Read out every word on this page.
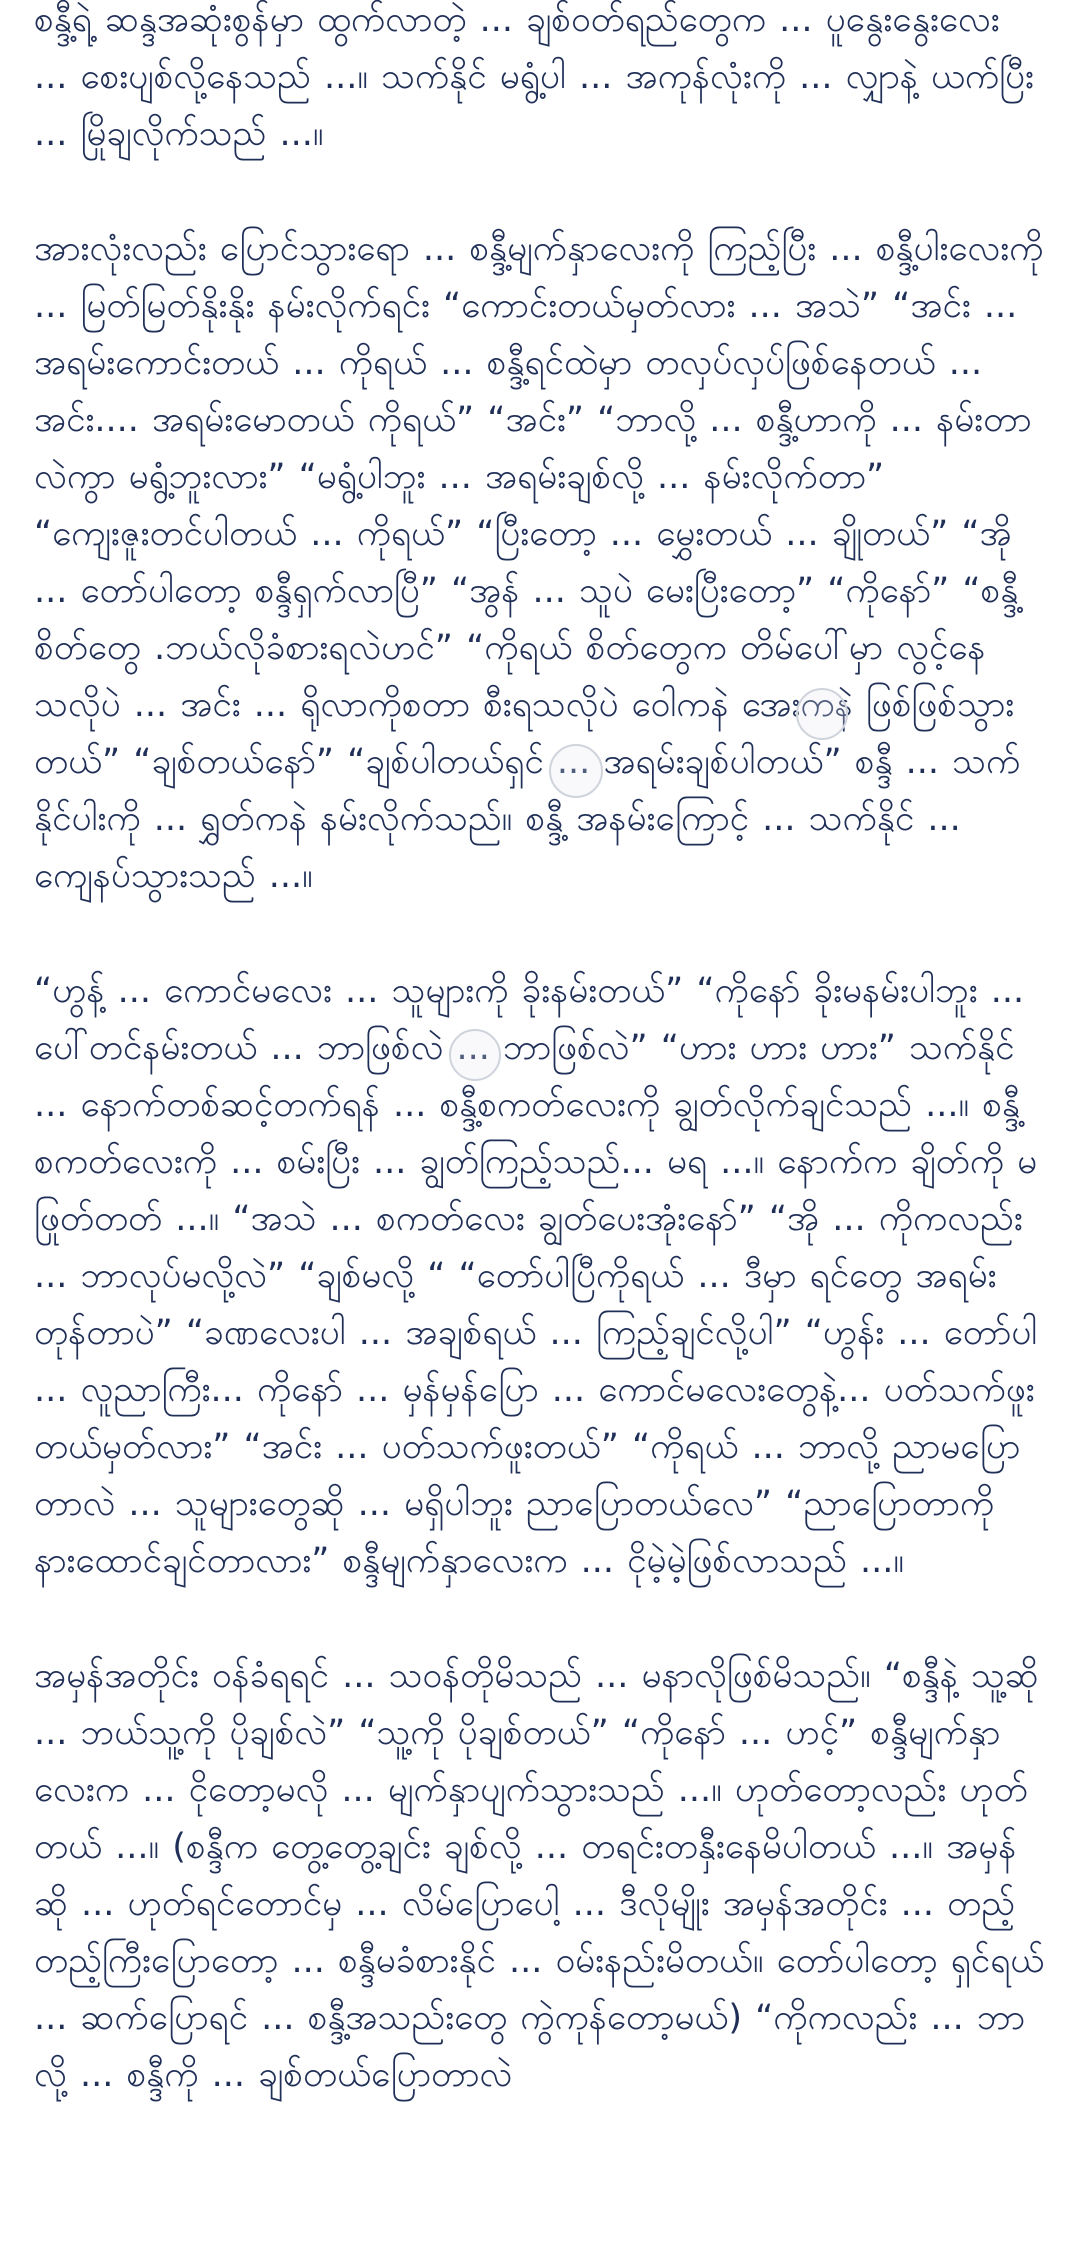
စန္ဒီ့ရဲ့ ဆန္ဒအဆုံးစွန်မှာ ထွက်လာတဲ့ ... ချစ်ဝတ်ရည်တွေက ... ပူနွေးနွေးလေး ... စေးပျစ်လို့နေသည် ...။ သက်နိုင် မရွံ့ပါ ... အကုန်လုံးကို ... လျှာနဲ့ ယက်ပြီး ... မြိုချလိုက်သည် ...။

အားလုံးလည်း ပြောင်သွားရော ... စန္ဒီ့မျက်နှာလေးကို ကြည့်ပြီး ... စန္ဒီ့ပါးလေးကို ... မြတ်မြတ်နိုးနိုး နမ်းလိုက်ရင်း “ကောင်းတယ်မှတ်လား ... အသဲ” “အင်း ... အရမ်းကောင်းတယ် ... ကိုရယ် ... စန္ဒီ့ရင်ထဲမှာ တလှပ်လှပ်ဖြစ်နေတယ် ... အင်း.... အရမ်းမောတယ် ကိုရယ်” “အင်း” “ဘာလို့ ... စန္ဒီ့ဟာကို ... နမ်းတာလဲကွာ မရွံ့ဘူးလား” “မရွံ့ပါဘူး ... အရမ်းချစ်လို့ ... နမ်းလိုက်တာ” “ကျေးဇူးတင်ပါတယ် ... ကိုရယ်” “ပြီးတော့ ... မွှေးတယ် ... ချိုတယ်” “အို ... တော်ပါတော့ စန္ဒီရှက်လာပြီ” “အွန် ... သူပဲ မေးပြီးတော့” “ကိုနော်” “စန္ဒီ့စိတ်တွေ .ဘယ်လိုခံစားရလဲဟင်” “ကိုရယ် စိတ်တွေက တိမ်ပေါ်မှာ လွင့်နေသလိုပဲ ... အင်း ... ရိုလာကိုစတာ စီးရသလိုပဲ ဝေါကနဲ အေးကနဲ ဖြစ်ဖြစ်သွားတယ်” “ချစ်တယ်နော်” “ချစ်ပါတယ်ရှင် ... အရမ်းချစ်ပါတယ်” စန္ဒီ ... သက်နိုင်ပါးကို ... ရွှတ်ကနဲ နမ်းလိုက်သည်။ စန္ဒီ့ အနမ်းကြောင့် ... သက်နိုင် ... ကျေနပ်သွားသည် ...။

“ဟွန့် ... ကောင်မလေး ... သူများကို ခိုးနမ်းတယ်” “ကိုနော် ခိုးမနမ်းပါဘူး ... ပေါ်တင်နမ်းတယ် ... ဘာဖြစ်လဲ ... ဘာဖြစ်လဲ” “ဟား ဟား ဟား” သက်နိုင် ... နောက်တစ်ဆင့်တက်ရန် ... စန္ဒီ့စကတ်လေးကို ချွတ်လိုက်ချင်သည် ...။ စန္ဒီ့ စကတ်လေးကို ... စမ်းပြီး ... ချွတ်ကြည့်သည်... မရ ...။ နောက်က ချိတ်ကို မဖြုတ်တတ် ...။ “အသဲ ... စကတ်လေး ချွတ်ပေးအုံးနော်” “အို ... ကိုကလည်း ... ဘာလုပ်မလို့လဲ” “ချစ်မလို့ “ “တော်ပါပြီကိုရယ် ... ဒီမှာ ရင်တွေ အရမ်းတုန်တာပဲ” “ခဏလေးပါ ... အချစ်ရယ် ... ကြည့်ချင်လို့ပါ” “ဟွန်း ... တော်ပါ ... လူညာကြီး... ကိုနော် ... မှန်မှန်ပြော ... ကောင်မလေးတွေနဲ့... ပတ်သက်ဖူးတယ်မှတ်လား” “အင်း ... ပတ်သက်ဖူးတယ်” “ကိုရယ် ... ဘာလို့ ညာမပြောတာလဲ ... သူများတွေဆို ... မရှိပါဘူး ညာပြောတယ်လေ” “ညာပြောတာကို နားထောင်ချင်တာလား” စန္ဒီမျက်နှာလေးက ... ငိုမဲ့မဲ့ဖြစ်လာသည် ...။

အမှန်အတိုင်း ဝန်ခံရရင် ... သဝန်တိုမိသည် ... မနာလိုဖြစ်မိသည်။ “စန္ဒီနဲ့ သူ့ဆို ... ဘယ်သူ့ကို ပိုချစ်လဲ” “သူ့ကို ပိုချစ်တယ်” “ကိုနော် ... ဟင့်” စန္ဒီမျက်နှာလေးက ... ငိုတော့မလို ... မျက်နှာပျက်သွားသည် ...။ ဟုတ်တော့လည်း ဟုတ်တယ် ...။ (စန္ဒီက တွေ့တွေ့ချင်း ချစ်လို့ ... တရင်းတနှီးနေမိပါတယ် ...။ အမှန်ဆို ... ဟုတ်ရင်တောင်မှ ... လိမ်ပြောပေါ့ ... ဒီလိုမျိုး အမှန်အတိုင်း ... တည့်တည့်ကြီးပြောတော့ ... စန္ဒီမခံစားနိုင် ... ဝမ်းနည်းမိတယ်။ တော်ပါတော့ ရှင်ရယ် ... ဆက်ပြောရင် ... စန္ဒီ့အသည်းတွေ ကွဲကုန်တော့မယ်) “ကိုကလည်း ... ဘာလို့ ... စန္ဒီကို ... ချစ်တယ်ပြောတာလဲ
